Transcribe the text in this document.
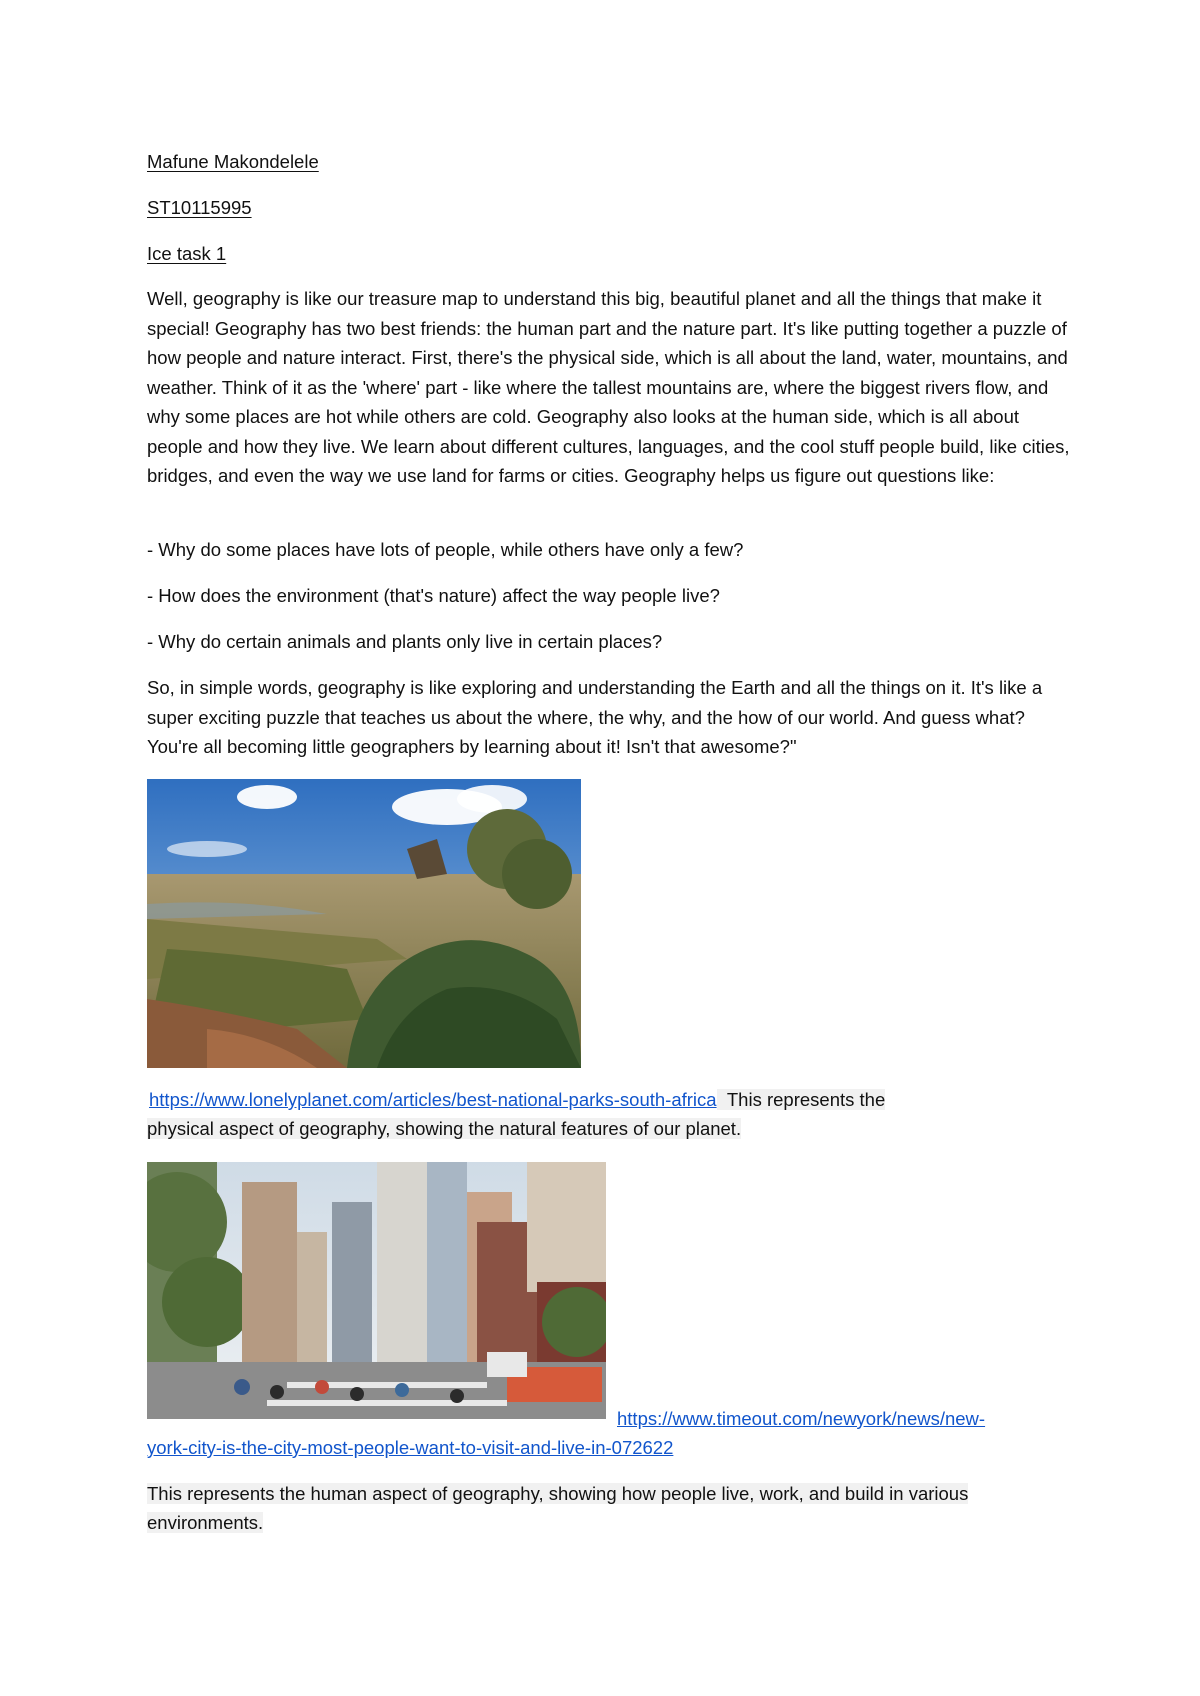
Mafune Makondelele

ST10115995

Ice task 1

Well, geography is like our treasure map to understand this big, beautiful planet and all the things that make it special! Geography has two best friends: the human part and the nature part. It's like putting together a puzzle of how people and nature interact. First, there's the physical side, which is all about the land, water, mountains, and weather. Think of it as the 'where' part - like where the tallest mountains are, where the biggest rivers flow, and why some places are hot while others are cold. Geography also looks at the human side, which is all about people and how they live. We learn about different cultures, languages, and the cool stuff people build, like cities, bridges, and even the way we use land for farms or cities. Geography helps us figure out questions like:

- Why do some places have lots of people, while others have only a few?

- How does the environment (that's nature) affect the way people live?

- Why do certain animals and plants only live in certain places?

So, in simple words, geography is like exploring and understanding the Earth and all the things on it. It's like a super exciting puzzle that teaches us about the where, the why, and the how of our world. And guess what? You're all becoming little geographers by learning about it! Isn't that awesome?"

https://www.lonelyplanet.com/articles/best-national-parks-south-africa This represents the

physical aspect of geography, showing the natural features of our planet.

https://www.timeout.com/newyork/news/new-

york-city-is-the-city-most-people-want-to-visit-and-live-in-072622

This represents the human aspect of geography, showing how people live, work, and build in various

environments.
